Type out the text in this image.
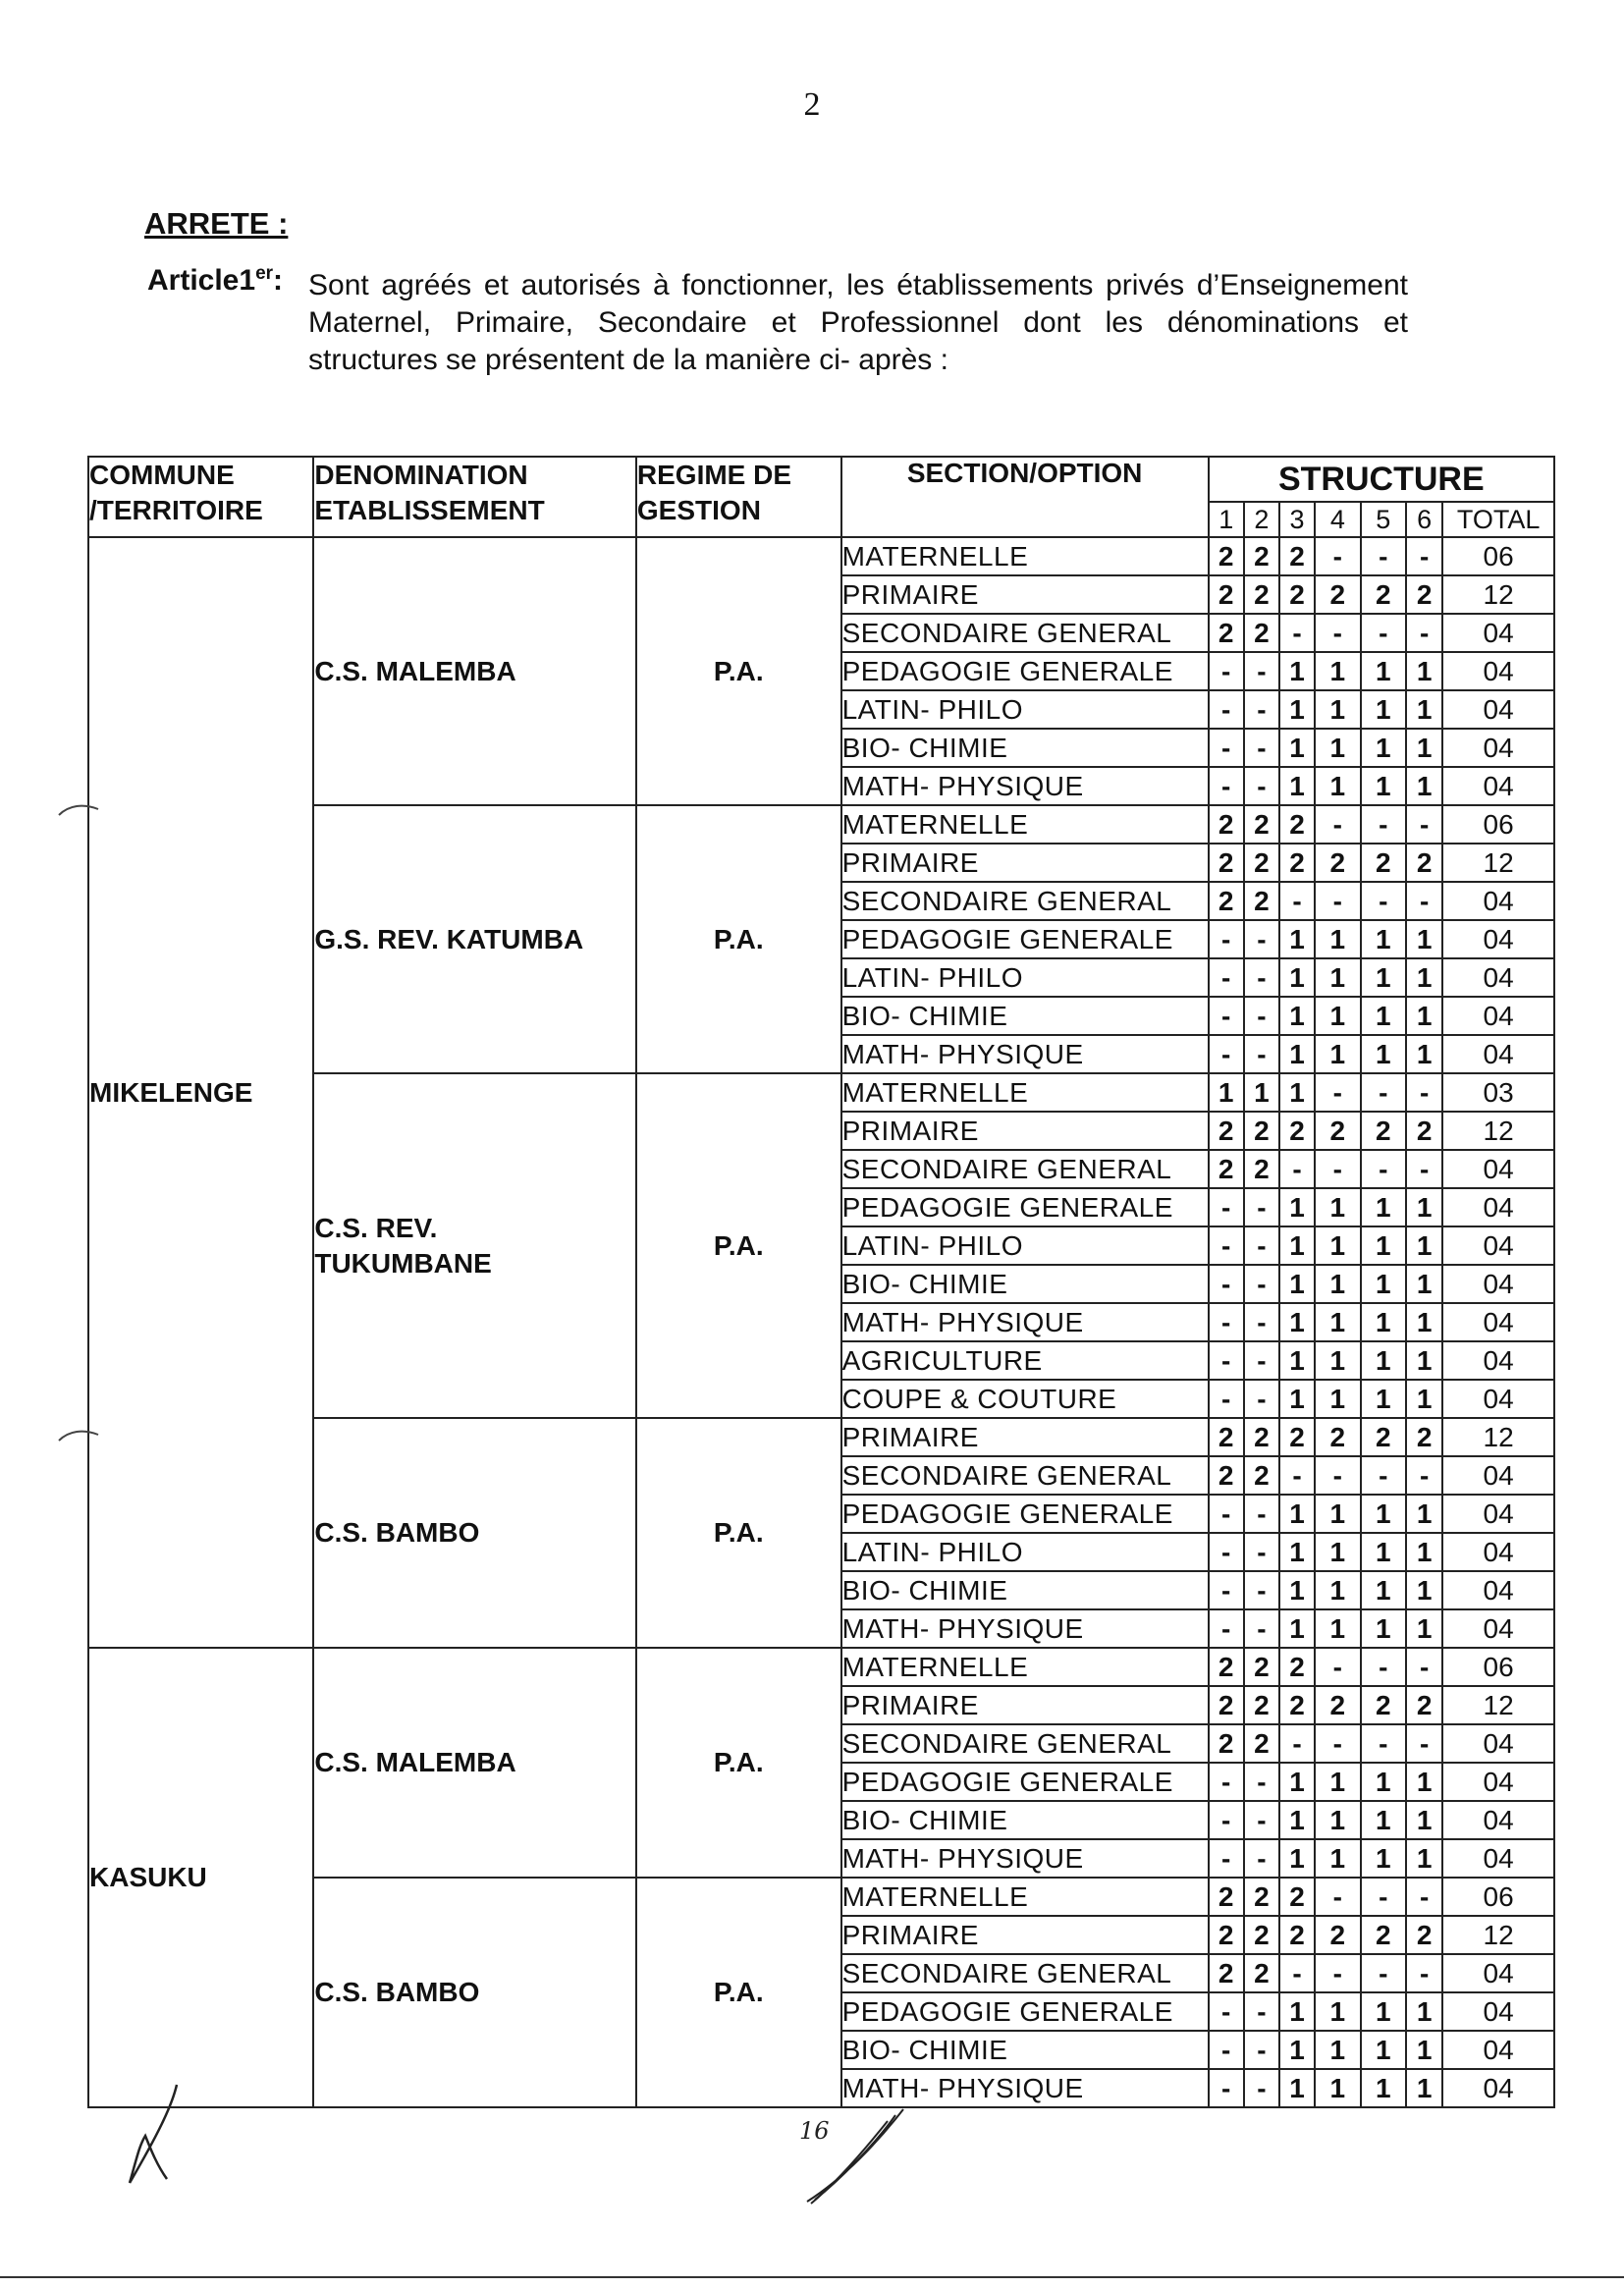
2
ARRETE :
Article1er: Sont agréés et autorisés à fonctionner, les établissements privés d’Enseignement Maternel, Primaire, Secondaire et Professionnel dont les dénominations et structures se présentent de la manière ci- après :
COMMUNE
/TERRITOIRE	DENOMINATION
ETABLISSEMENT	REGIME DE
GESTION	SECTION/OPTION	STRUCTURE						
				1	2	3	4	5	6	TOTAL
MIKELENGE	C.S. MALEMBA	P.A.	MATERNELLE	2	2	2	-	-	-	06
			PRIMAIRE	2	2	2	2	2	2	12
			SECONDAIRE GENERAL	2	2	-	-	-	-	04
			PEDAGOGIE GENERALE	-	-	1	1	1	1	04
			LATIN- PHILO	-	-	1	1	1	1	04
			BIO- CHIMIE	-	-	1	1	1	1	04
			MATH- PHYSIQUE	-	-	1	1	1	1	04
	G.S. REV. KATUMBA	P.A.	MATERNELLE	2	2	2	-	-	-	06
			PRIMAIRE	2	2	2	2	2	2	12
			SECONDAIRE GENERAL	2	2	-	-	-	-	04
			PEDAGOGIE GENERALE	-	-	1	1	1	1	04
			LATIN- PHILO	-	-	1	1	1	1	04
			BIO- CHIMIE	-	-	1	1	1	1	04
			MATH- PHYSIQUE	-	-	1	1	1	1	04
	C.S. REV.
TUKUMBANE	P.A.	MATERNELLE	1	1	1	-	-	-	03
			PRIMAIRE	2	2	2	2	2	2	12
			SECONDAIRE GENERAL	2	2	-	-	-	-	04
			PEDAGOGIE GENERALE	-	-	1	1	1	1	04
			LATIN- PHILO	-	-	1	1	1	1	04
			BIO- CHIMIE	-	-	1	1	1	1	04
			MATH- PHYSIQUE	-	-	1	1	1	1	04
			AGRICULTURE	-	-	1	1	1	1	04
			COUPE & COUTURE	-	-	1	1	1	1	04
	C.S. BAMBO	P.A.	PRIMAIRE	2	2	2	2	2	2	12
			SECONDAIRE GENERAL	2	2	-	-	-	-	04
			PEDAGOGIE GENERALE	-	-	1	1	1	1	04
			LATIN- PHILO	-	-	1	1	1	1	04
			BIO- CHIMIE	-	-	1	1	1	1	04
			MATH- PHYSIQUE	-	-	1	1	1	1	04
KASUKU	C.S. MALEMBA	P.A.	MATERNELLE	2	2	2	-	-	-	06
			PRIMAIRE	2	2	2	2	2	2	12
			SECONDAIRE GENERAL	2	2	-	-	-	-	04
			PEDAGOGIE GENERALE	-	-	1	1	1	1	04
			BIO- CHIMIE	-	-	1	1	1	1	04
			MATH- PHYSIQUE	-	-	1	1	1	1	04
	C.S. BAMBO	P.A.	MATERNELLE	2	2	2	-	-	-	06
			PRIMAIRE	2	2	2	2	2	2	12
			SECONDAIRE GENERAL	2	2	-	-	-	-	04
			PEDAGOGIE GENERALE	-	-	1	1	1	1	04
			BIO- CHIMIE	-	-	1	1	1	1	04
			MATH- PHYSIQUE	-	-	1	1	1	1	04
16
